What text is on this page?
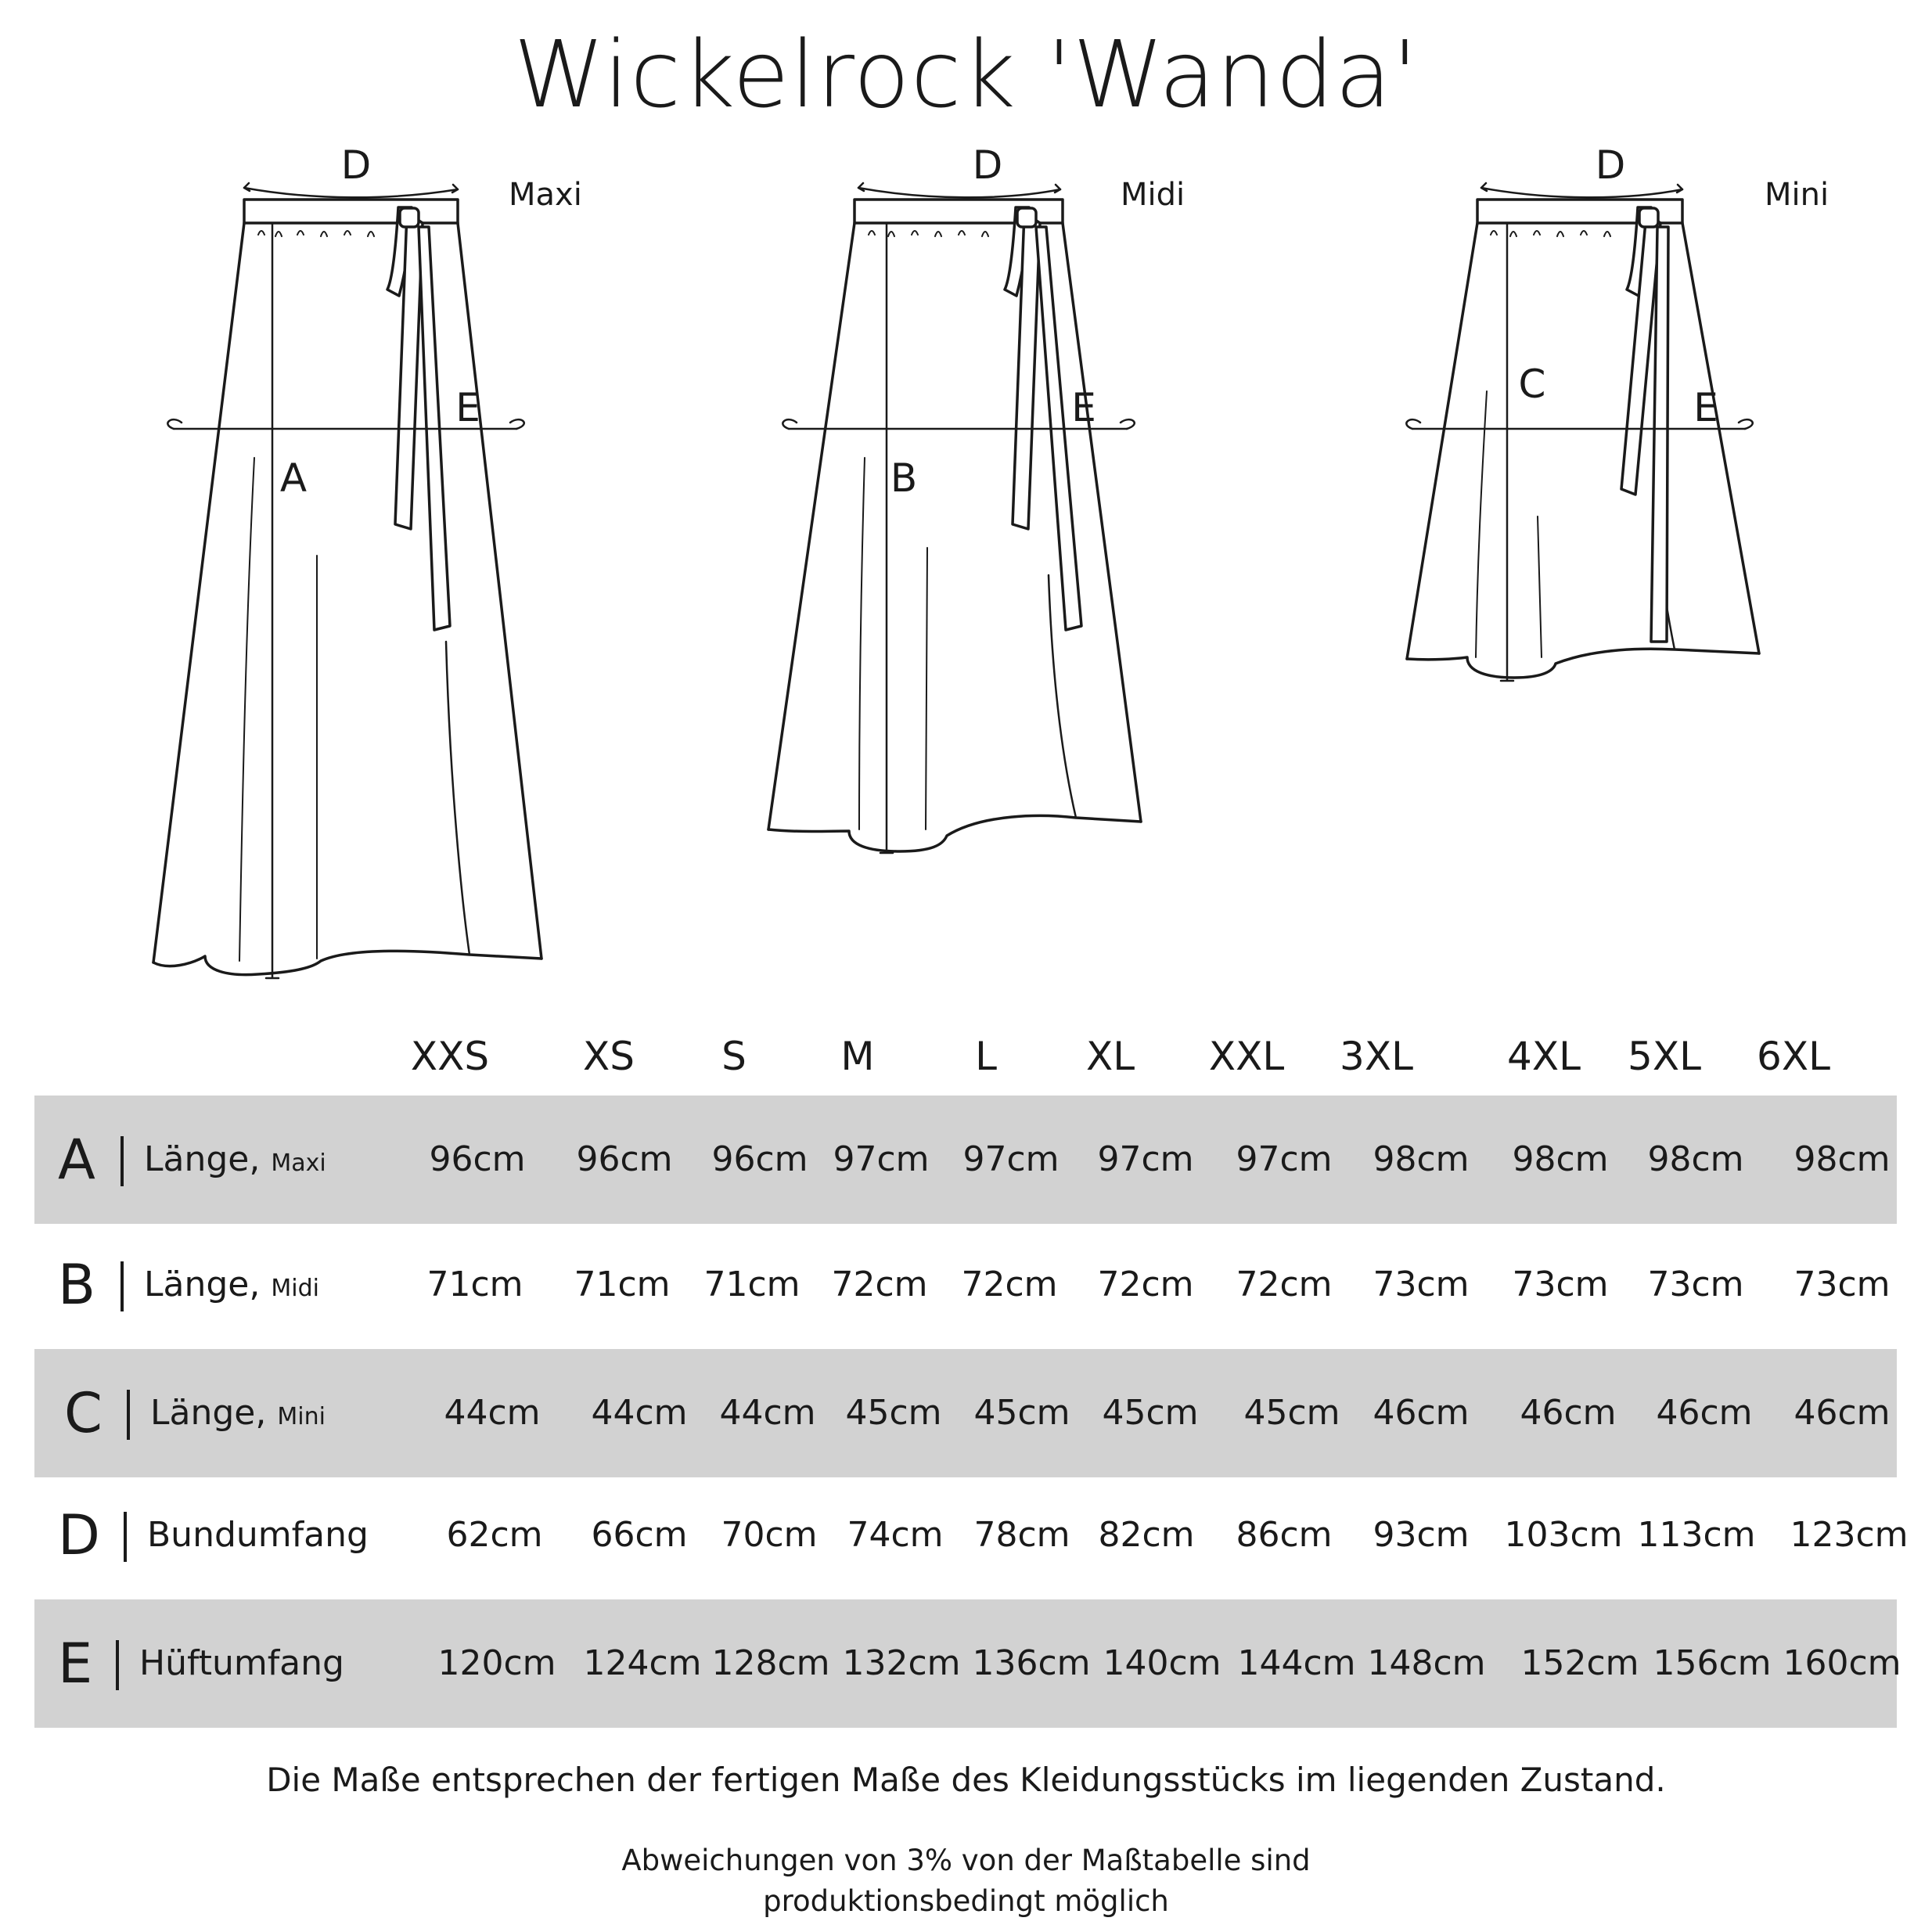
Wickelrock 'Wanda'
D
E
A
Maxi
D
E
B
Midi
D
E
C
Mini
XXS	XS	S	M	L	XL	XXL	3XL	4XL	5XL	6XL
A Länge, Maxi	96cm	96cm	96cm 97cm 97cm	97cm	97cm	98cm	98cm	98cm	98cm
B Länge, Midi	71cm	71cm 71cm 72cm 72cm	72cm	72cm	73cm	73cm	73cm	73cm
C Länge, Mini	44cm	44cm 44cm 45cm 45cm 45cm	45cm 46cm	46cm	46cm	46cm
D Bundumfang	62cm	66cm 70cm 74cm 78cm 82cm	86cm	93cm	103cm 113cm 123cm
E Hüftumfang	120cm 124cm 128cm 132cm 136cm 140cm 144cm 148cm 152cm 156cm 160cm
Die Maße entsprechen der fertigen Maße des Kleidungsstücks im liegenden Zustand.
Abweichungen von 3% von der Maßtabelle sind
produktionsbedingt möglich
